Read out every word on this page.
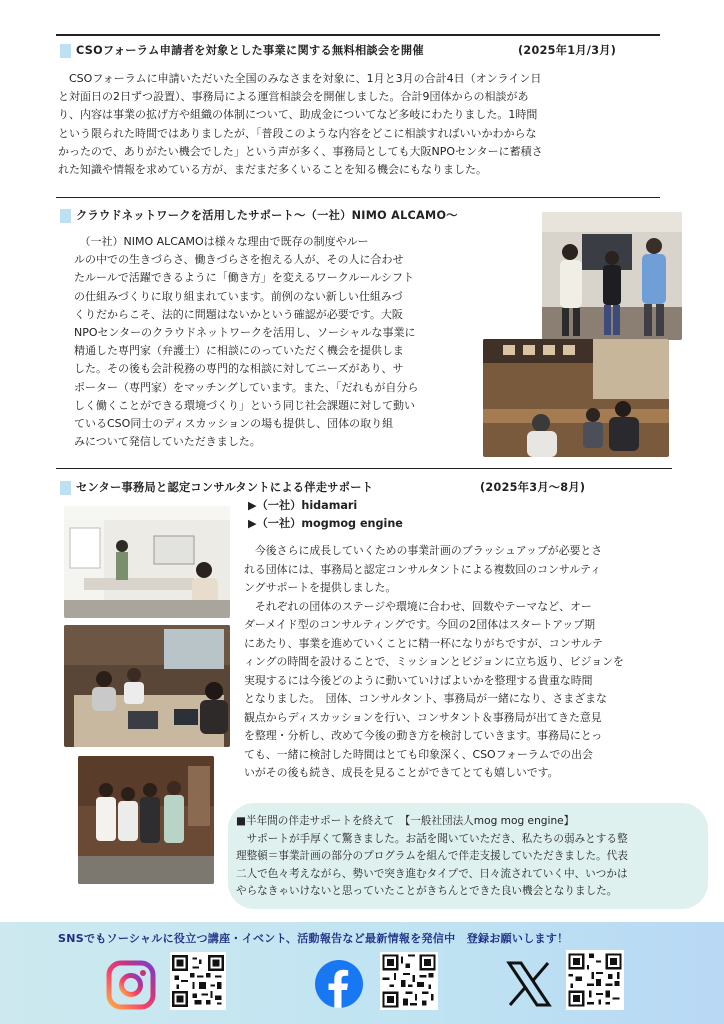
CSOフォーラム申請者を対象とした事業に関する無料相談会を開催	(2025年1月/3月)

　CSOフォーラムに申請いただいた全国のみなさまを対象に、1月と3月の合計4日（オンライン日

と対面日の2日ずつ設置）、事務局による運営相談会を開催しました。合計9団体からの相談があ

り、内容は事業の拡げ方や組織の体制について、助成金についてなど多岐にわたりました。1時間

という限られた時間ではありましたが、「普段このような内容をどこに相談すればいいかわからな

かったので、ありがたい機会でした」という声が多く、事務局としても大阪NPOセンターに蓄積さ

れた知識や情報を求めている方が、まだまだ多くいることを知る機会にもなりました。

クラウドネットワークを活用したサポート～（一社）NIMO ALCAMO～

　（一社）NIMO ALCAMOは様々な理由で既存の制度やルー

ルの中での生きづらさ、働きづらさを抱える人が、その人に合わせ

たルールで活躍できるように「働き方」を変えるワークルールシフト

の仕組みづくりに取り組まれています。前例のない新しい仕組みづ

くりだからこそ、法的に問題はないかという確認が必要です。大阪

NPOセンターのクラウドネットワークを活用し、ソーシャルな事業に

精通した専門家（弁護士）に相談にのっていただく機会を提供しま

した。その後も会計税務の専門的な相談に対してニーズがあり、サ

ポーター（専門家）をマッチングしています。また、「だれもが自分ら

しく働くことができる環境づくり」という同じ社会課題に対して動い

ているCSO同士のディスカッションの場も提供し、団体の取り組

みについて発信していただきました。

センター事務局と認定コンサルタントによる伴走サポート	(2025年3月～8月)

▶（一社）hidamari

▶（一社）mogmog engine

　今後さらに成長していくための事業計画のブラッシュアップが必要とさ

れる団体には、事務局と認定コンサルタントによる複数回のコンサルティ

ングサポートを提供しました。

　それぞれの団体のステージや環境に合わせ、回数やテーマなど、オー

ダーメイド型のコンサルティングです。今回の2団体はスタートアップ期

にあたり、事業を進めていくことに精一杯になりがちですが、コンサルテ

ィングの時間を設けることで、ミッションとビジョンに立ち返り、ビジョンを

実現するには今後どのように動いていけばよいかを整理する貴重な時間

となりました。　団体、コンサルタント、事務局が一緒になり、さまざまな

観点からディスカッションを行い、コンサタント＆事務局が出てきた意見

を整理・分析し、改めて今後の動き方を検討していきます。事務局にとっ

ても、一緒に検討した時間はとても印象深く、CSOフォーラムでの出会

いがその後も続き、成長を見ることができてとても嬉しいです。

■半年間の伴走サポートを終えて　【一般社団法人mog mog engine】

　サポートが手厚くて驚きました。お話を聞いていただき、私たちの弱みとする整

理整頓＝事業計画の部分のプログラムを組んで伴走支援していただきました。代表

二人で色々考えながら、勢いで突き進むタイプで、日々流されていく中、いつかは

やらなきゃいけないと思っていたことがきちんとできた良い機会となりました。

SNSでもソーシャルに役立つ講座・イベント、活動報告など最新情報を発信中　登録お願いします！
